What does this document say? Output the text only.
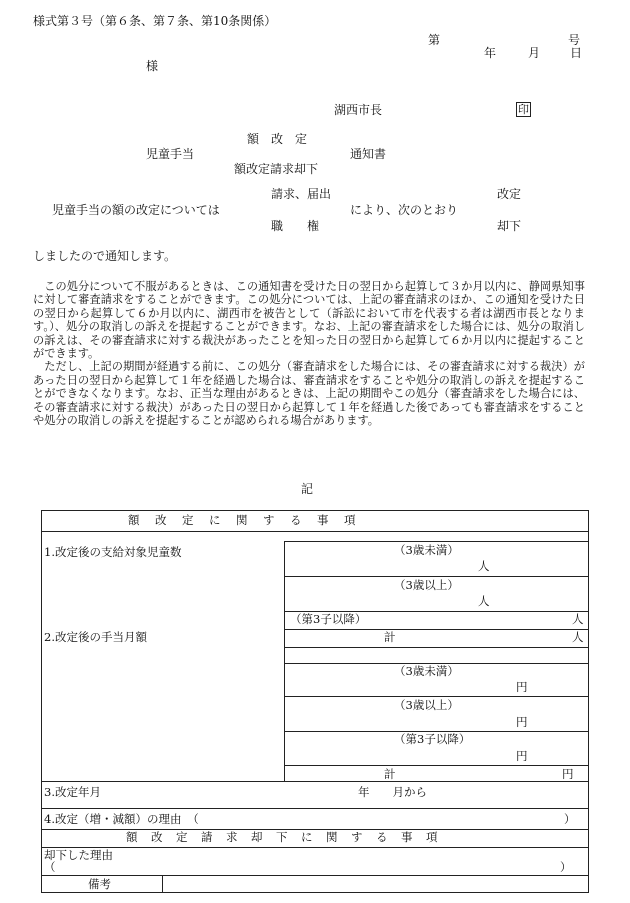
様式第３号（第６条、第７条、第10条関係）
第	号
年	月 日
様
湖西市長	印
額　改　定
児童手当	通知書
額改定請求却下
請求、届出	改定
児童手当の額の改定については	により、次のとおり
職　　権	却下
しましたので通知します。

この処分について不服があるときは、この通知書を受けた日の翌日から起算して３か月以内に、静岡県知事に対して審査請求をすることができます。この処分については、上記の審査請求のほか、この通知を受けた日の翌日から起算して６か月以内に、湖西市を被告として（訴訟において市を代表する者は湖西市長となります。）、処分の取消しの訴えを提起することができます。なお、上記の審査請求をした場合には、処分の取消しの訴えは、その審査請求に対する裁決があったことを知った日の翌日から起算して６か月以内に提起することができます。

ただし、上記の期間が経過する前に、この処分（審査請求をした場合には、その審査請求に対する裁決）があった日の翌日から起算して１年を経過した場合は、審査請求をすることや処分の取消しの訴えを提起することができなくなります。なお、正当な理由があるときは、上記の期間やこの処分（審査請求をした場合には、その審査請求に対する裁決）があった日の翌日から起算して１年を経過した後であっても審査請求をすることや処分の取消しの訴えを提起することが認められる場合があります。

記
額　改　定　に　関　す　る　事　項
1.改定後の支給対象児童数	（3歳未満）
人
（3歳以上）
人
（第3子以降）	人
計	人
2.改定後の手当月額
（3歳未満）
円
（3歳以上）
円
（第3子以降）
円
計	円
3.改定年月	年　　月から
4.改定（増・減額）の理由　（	）
額　改　定　請　求　却　下　に　関　す　る　事　項
却下した理由
（	）
備考
